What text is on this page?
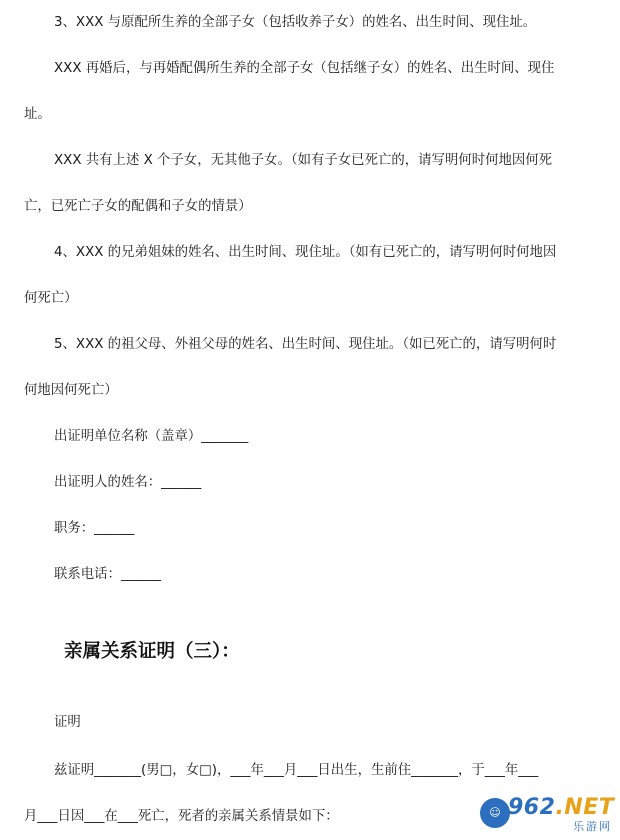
3、XXX 与原配所生养的全部子女（包括收养子女）的姓名、出生时间、现住址。
XXX 再婚后，与再婚配偶所生养的全部子女（包括继子女）的姓名、出生时间、现住
址。
XXX 共有上述 X 个子女，无其他子女。（如有子女已死亡的，请写明何时何地因何死
亡，已死亡子女的配偶和子女的情景）
4、XXX 的兄弟姐妹的姓名、出生时间、现住址。（如有已死亡的，请写明何时何地因
何死亡）
5、XXX 的祖父母、外祖父母的姓名、出生时间、现住址。（如已死亡的，请写明何时
何地因何死亡）
出证明单位名称（盖章）_______
出证明人的姓名：______
职务：______
联系电话：______
亲属关系证明（三）：
证明
兹证明_______(男□，女□)，___年___月___日出生，生前住_______，于___年___
月___日因___在___死亡，死者的亲属关系情景如下：	☺ 962.NET
乐游网
